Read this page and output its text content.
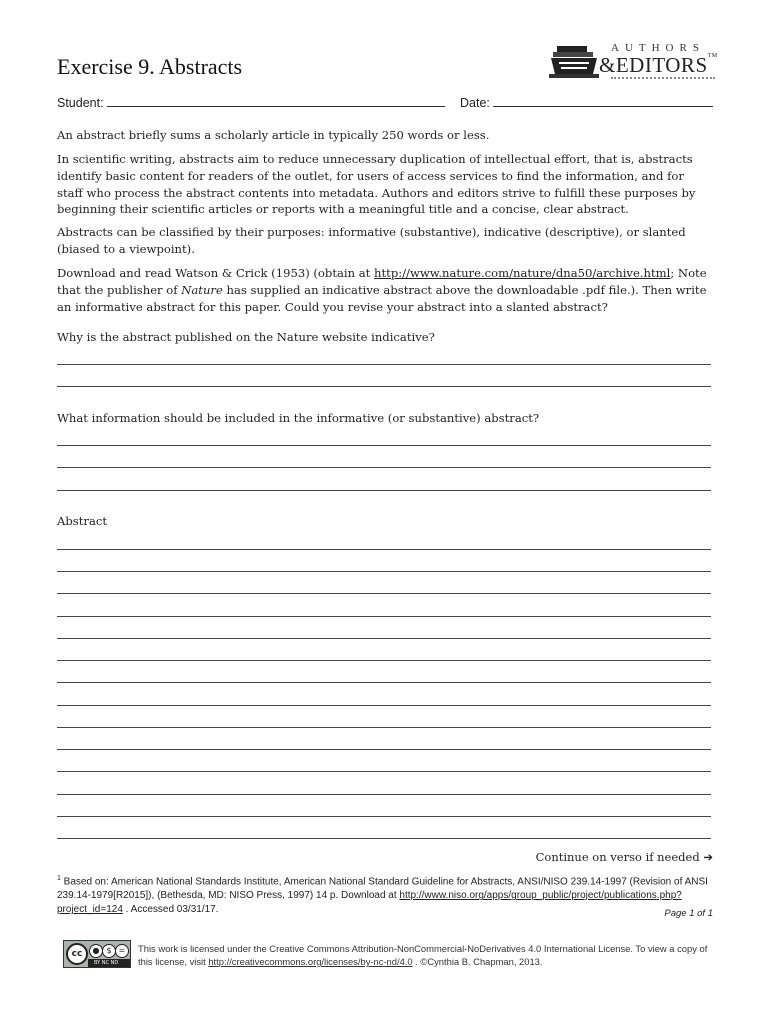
Exercise 9. Abstracts
AUTHORS
&EDITORS™
Student:	Date:
An abstract briefly sums a scholarly article in typically 250 words or less.
In scientific writing, abstracts aim to reduce unnecessary duplication of intellectual effort, that is, abstracts identify basic content for readers of the outlet, for users of access services to find the information, and for staff who process the abstract contents into metadata. Authors and editors strive to fulfill these purposes by beginning their scientific articles or reports with a meaningful title and a concise, clear abstract.
Abstracts can be classified by their purposes: informative (substantive), indicative (descriptive), or slanted (biased to a viewpoint).
Download and read Watson & Crick (1953) (obtain at http://www.nature.com/nature/dna50/archive.html; Note that the publisher of Nature has supplied an indicative abstract above the downloadable .pdf file.). Then write an informative abstract for this paper. Could you revise your abstract into a slanted abstract?
Why is the abstract published on the Nature website indicative?
What information should be included in the informative (or substantive) abstract?
Abstract
Continue on verso if needed ➔
$^1$ Based on: American National Standards Institute, American National Standard Guideline for Abstracts, ANSI/NISO 239.14-1997 (Revision of ANSI 239.14-1979[R2015]), (Bethesda, MD: NISO Press, 1997) 14 p. Download at http://www.niso.org/apps/group_public/project/publications.php?project_id=124 . Accessed 03/31/17.	Page 1 of 1
cc	● $ =
BY NC ND
This work is licensed under the Creative Commons Attribution-NonCommercial-NoDerivatives 4.0 International License. To view a copy of this license, visit http://creativecommons.org/licenses/by-nc-nd/4.0 . ©Cynthia B. Chapman, 2013.
